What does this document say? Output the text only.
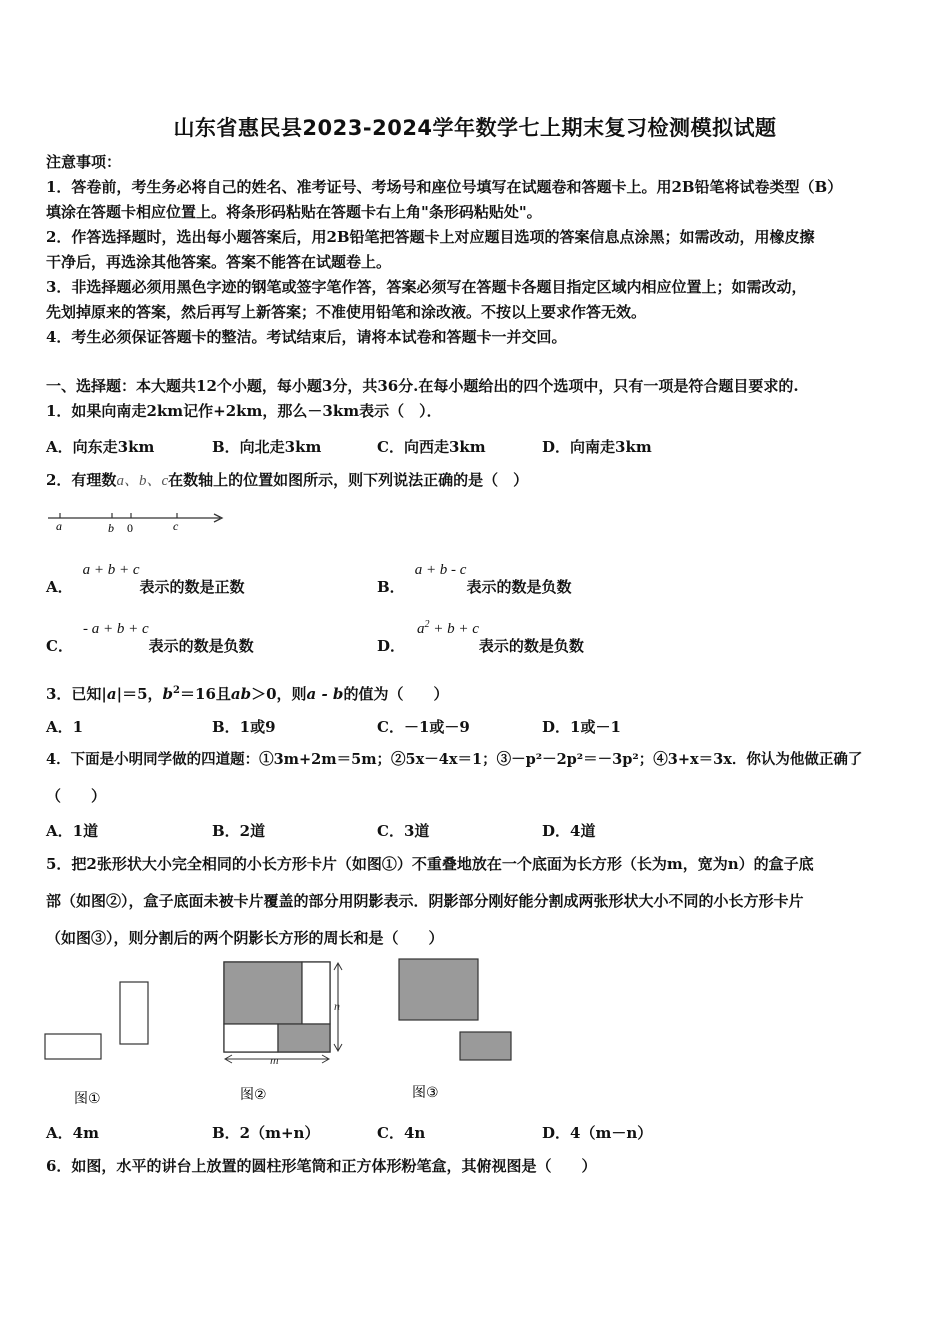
山东省惠民县2023-2024学年数学七上期末复习检测模拟试题
注意事项：
1．答卷前，考生务必将自己的姓名、准考证号、考场号和座位号填写在试题卷和答题卡上。用2B铅笔将试卷类型（B）
填涂在答题卡相应位置上。将条形码粘贴在答题卡右上角"条形码粘贴处"。
2．作答选择题时，选出每小题答案后，用2B铅笔把答题卡上对应题目选项的答案信息点涂黑；如需改动，用橡皮擦
干净后，再选涂其他答案。答案不能答在试题卷上。
3．非选择题必须用黑色字迹的钢笔或签字笔作答，答案必须写在答题卡各题目指定区域内相应位置上；如需改动，
先划掉原来的答案，然后再写上新答案；不准使用铅笔和涂改液。不按以上要求作答无效。
4．考生必须保证答题卡的整洁。考试结束后，请将本试卷和答题卡一并交回。
一、选择题：本大题共12个小题，每小题3分，共36分.在每小题给出的四个选项中，只有一项是符合题目要求的.
1．如果向南走2km记作+2km，那么－3km表示（　）．
A．向东走3km	B．向北走3km	C．向西走3km	D．向南走3km
2．有理数a、b、c在数轴上的位置如图所示，则下列说法正确的是（　）
a	b 0	c
A．a + b + c表示的数是正数	B．a + b - c表示的数是负数
C．- a + b + c表示的数是负数	D．$a^2 + b + c$表示的数是负数
3．已知|a|＝5，$b^2=16$且ab＞0，则a - b的值为（　　）
A．1	B．1或9	C．－1或－9	D．1或－1
4．下面是小明同学做的四道题：①3m+2m＝5m；②5x－4x＝1；③－p²－2p²＝－3p²；④3+x＝3x．你认为他做正确了
（　　）
A．1道	B．2道	C．3道	D．4道
5．把2张形状大小完全相同的小长方形卡片（如图①）不重叠地放在一个底面为长方形（长为m，宽为n）的盒子底
部（如图②），盒子底面未被卡片覆盖的部分用阴影表示．阴影部分刚好能分割成两张形状大小不同的小长方形卡片
（如图③），则分割后的两个阴影长方形的周长和是（　　）
图①
n
m
图②	图③
A．4m	B．2（m+n）	C．4n	D．4（m－n）
6．如图，水平的讲台上放置的圆柱形笔筒和正方体形粉笔盒，其俯视图是（　　）
